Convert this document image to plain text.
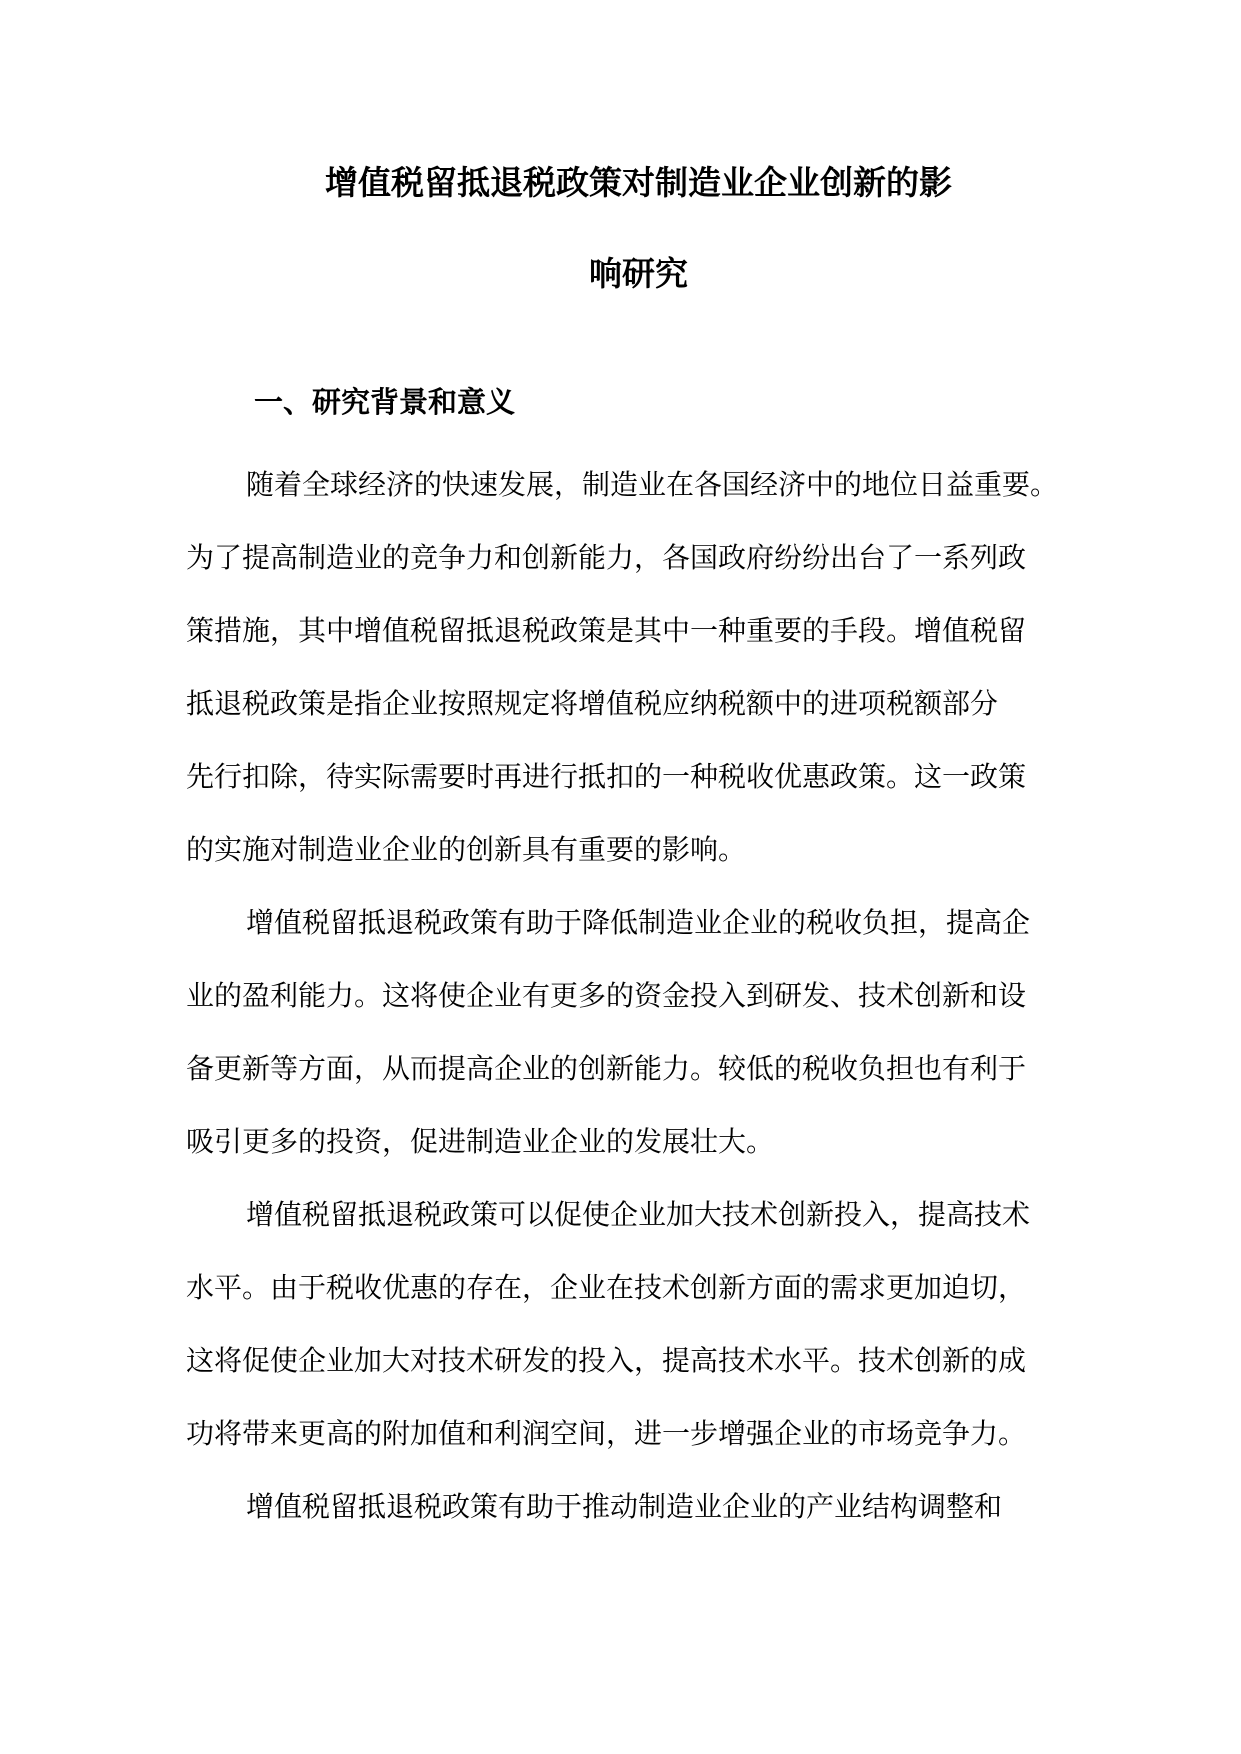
增值税留抵退税政策对制造业企业创新的影
响研究
一、研究背景和意义
随着全球经济的快速发展，制造业在各国经济中的地位日益重要。
为了提高制造业的竞争力和创新能力，各国政府纷纷出台了一系列政
策措施，其中增值税留抵退税政策是其中一种重要的手段。增值税留
抵退税政策是指企业按照规定将增值税应纳税额中的进项税额部分
先行扣除，待实际需要时再进行抵扣的一种税收优惠政策。这一政策
的实施对制造业企业的创新具有重要的影响。
增值税留抵退税政策有助于降低制造业企业的税收负担，提高企
业的盈利能力。这将使企业有更多的资金投入到研发、技术创新和设
备更新等方面，从而提高企业的创新能力。较低的税收负担也有利于
吸引更多的投资，促进制造业企业的发展壮大。
增值税留抵退税政策可以促使企业加大技术创新投入，提高技术
水平。由于税收优惠的存在，企业在技术创新方面的需求更加迫切，
这将促使企业加大对技术研发的投入，提高技术水平。技术创新的成
功将带来更高的附加值和利润空间，进一步增强企业的市场竞争力。
增值税留抵退税政策有助于推动制造业企业的产业结构调整和
